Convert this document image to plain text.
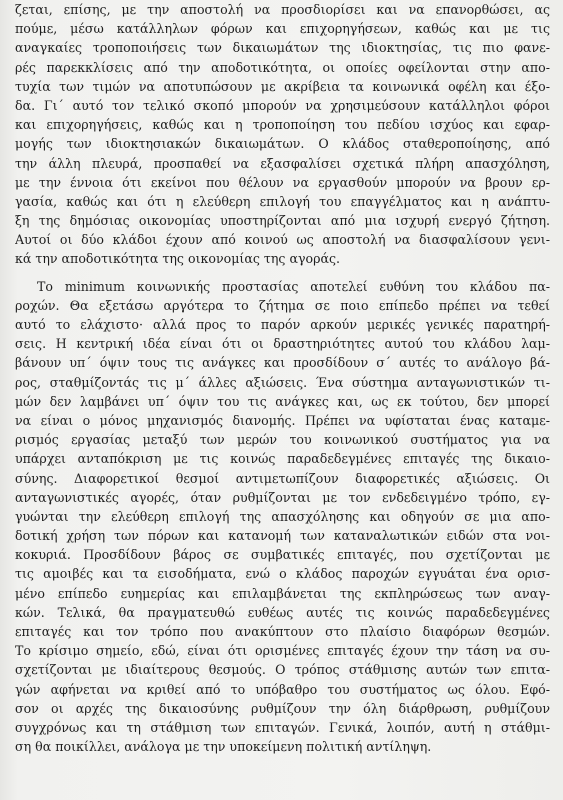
ζεται, επίσης, με την αποστολή να προσδιορίσει και να επανορθώσει, ας
πούμε, μέσω κατάλληλων φόρων και επιχορηγήσεων, καθώς και με τις
αναγκαίες τροποποιήσεις των δικαιωμάτων της ιδιοκτησίας, τις πιο φανε-
ρές παρεκκλίσεις από την αποδοτικότητα, οι οποίες οφείλονται στην απο-
τυχία των τιμών να αποτυπώσουν με ακρίβεια τα κοινωνικά οφέλη και έξο-
δα. Γι΄ αυτό τον τελικό σκοπό μπορούν να χρησιμεύσουν κατάλληλοι φόροι
και επιχορηγήσεις, καθώς και η τροποποίηση του πεδίου ισχύος και εφαρ-
μογής των ιδιοκτησιακών δικαιωμάτων. Ο κλάδος σταθεροποίησης, από
την άλλη πλευρά, προσπαθεί να εξασφαλίσει σχετικά πλήρη απασχόληση,
με την έννοια ότι εκείνοι που θέλουν να εργασθούν μπορούν να βρουν ερ-
γασία, καθώς και ότι η ελεύθερη επιλογή του επαγγέλματος και η ανάπτυ-
ξη της δημόσιας οικονομίας υποστηρίζονται από μια ισχυρή ενεργό ζήτηση.
Αυτοί οι δύο κλάδοι έχουν από κοινού ως αποστολή να διασφαλίσουν γενι-
κά την αποδοτικότητα της οικονομίας της αγοράς.
Το minimum κοινωνικής προστασίας αποτελεί ευθύνη του κλάδου πα-
ροχών. Θα εξετάσω αργότερα το ζήτημα σε ποιο επίπεδο πρέπει να τεθεί
αυτό το ελάχιστο· αλλά προς το παρόν αρκούν μερικές γενικές παρατηρή-
σεις. Η κεντρική ιδέα είναι ότι οι δραστηριότητες αυτού του κλάδου λαμ-
βάνουν υπ΄ όψιν τους τις ανάγκες και προσδίδουν σ΄ αυτές το ανάλογο βά-
ρος, σταθμίζοντάς τις μ΄ άλλες αξιώσεις. Ένα σύστημα ανταγωνιστικών τι-
μών δεν λαμβάνει υπ΄ όψιν του τις ανάγκες και, ως εκ τούτου, δεν μπορεί
να είναι ο μόνος μηχανισμός διανομής. Πρέπει να υφίσταται ένας καταμε-
ρισμός εργασίας μεταξύ των μερών του κοινωνικού συστήματος για να
υπάρχει ανταπόκριση με τις κοινώς παραδεδεγμένες επιταγές της δικαιο-
σύνης. Διαφορετικοί θεσμοί αντιμετωπίζουν διαφορετικές αξιώσεις. Οι
ανταγωνιστικές αγορές, όταν ρυθμίζονται με τον ενδεδειγμένο τρόπο, εγ-
γυώνται την ελεύθερη επιλογή της απασχόλησης και οδηγούν σε μια απο-
δοτική χρήση των πόρων και κατανομή των καταναλωτικών ειδών στα νοι-
κοκυριά. Προσδίδουν βάρος σε συμβατικές επιταγές, που σχετίζονται με
τις αμοιβές και τα εισοδήματα, ενώ ο κλάδος παροχών εγγυάται ένα ορισ-
μένο επίπεδο ευημερίας και επιλαμβάνεται της εκπληρώσεως των αναγ-
κών. Τελικά, θα πραγματευθώ ευθέως αυτές τις κοινώς παραδεδεγμένες
επιταγές και τον τρόπο που ανακύπτουν στο πλαίσιο διαφόρων θεσμών.
Το κρίσιμο σημείο, εδώ, είναι ότι ορισμένες επιταγές έχουν την τάση να συ-
σχετίζονται με ιδιαίτερους θεσμούς. Ο τρόπος στάθμισης αυτών των επιτα-
γών αφήνεται να κριθεί από το υπόβαθρο του συστήματος ως όλου. Εφό-
σον οι αρχές της δικαιοσύνης ρυθμίζουν την όλη διάρθρωση, ρυθμίζουν
συγχρόνως και τη στάθμιση των επιταγών. Γενικά, λοιπόν, αυτή η στάθμι-
ση θα ποικίλλει, ανάλογα με την υποκείμενη πολιτική αντίληψη.
